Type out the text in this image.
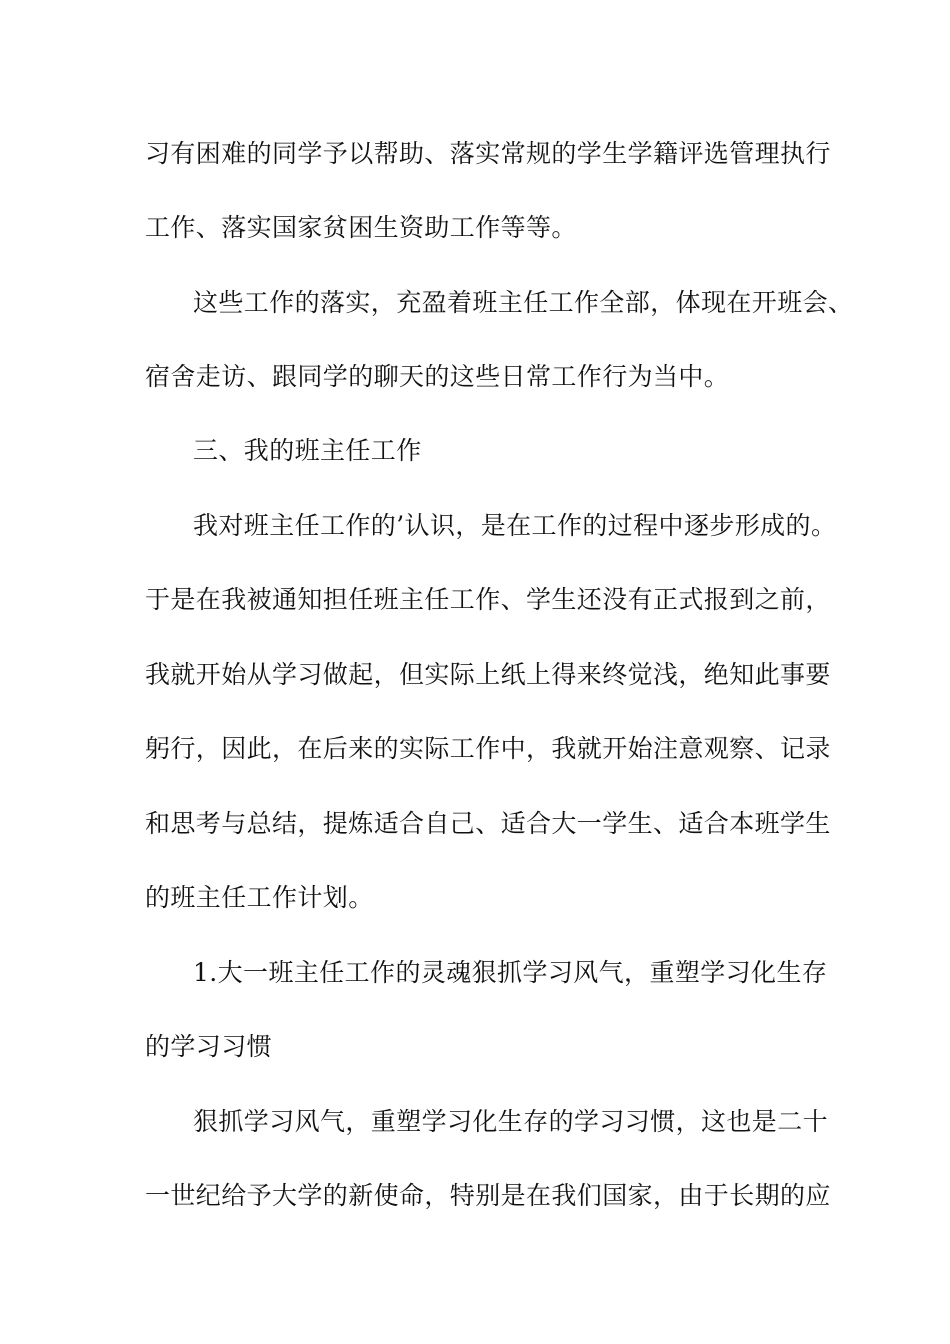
习有困难的同学予以帮助、落实常规的学生学籍评选管理执行
工作、落实国家贫困生资助工作等等。
这些工作的落实，充盈着班主任工作全部，体现在开班会、
宿舍走访、跟同学的聊天的这些日常工作行为当中。
三、我的班主任工作
我对班主任工作的’认识，是在工作的过程中逐步形成的。
于是在我被通知担任班主任工作、学生还没有正式报到之前，
我就开始从学习做起，但实际上纸上得来终觉浅，绝知此事要
躬行，因此，在后来的实际工作中，我就开始注意观察、记录
和思考与总结，提炼适合自己、适合大一学生、适合本班学生
的班主任工作计划。
1.大一班主任工作的灵魂狠抓学习风气，重塑学习化生存
的学习习惯
狠抓学习风气，重塑学习化生存的学习习惯，这也是二十
一世纪给予大学的新使命，特别是在我们国家，由于长期的应
